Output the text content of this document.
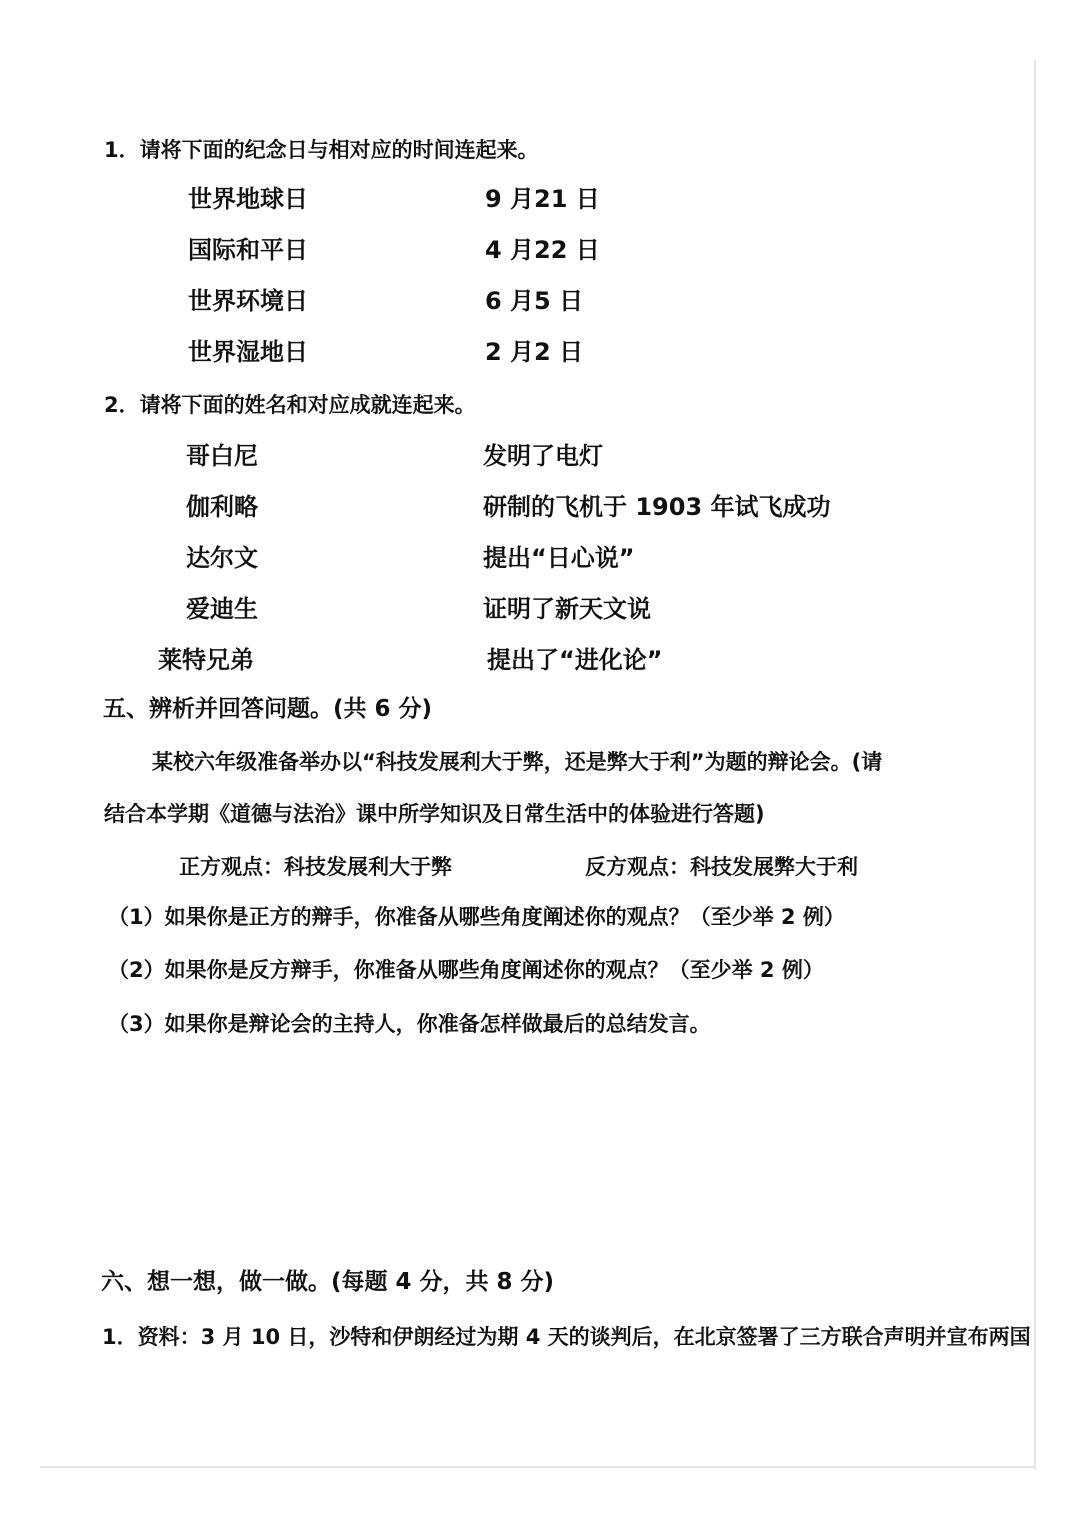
1．请将下面的纪念日与相对应的时间连起来。
世界地球日	9 月21 日
国际和平日	4 月22 日
世界环境日	6 月5 日
世界湿地日	2 月2 日
2．请将下面的姓名和对应成就连起来。
哥白尼	发明了电灯
伽利略	研制的飞机于 1903 年试飞成功
达尔文	提出“日心说”
爱迪生	证明了新天文说
莱特兄弟	提出了“进化论”
五、辨析并回答问题。(共 6 分)
某校六年级准备举办以“科技发展利大于弊，还是弊大于利”为题的辩论会。(请
结合本学期《道德与法治》课中所学知识及日常生活中的体验进行答题)
正方观点：科技发展利大于弊	反方观点：科技发展弊大于利
（1）如果你是正方的辩手，你准备从哪些角度阐述你的观点？（至少举 2 例）
（2）如果你是反方辩手，你准备从哪些角度阐述你的观点？（至少举 2 例）
（3）如果你是辩论会的主持人，你准备怎样做最后的总结发言。
六、想一想，做一做。(每题 4 分，共 8 分)
1．资料：3 月 10 日，沙特和伊朗经过为期 4 天的谈判后，在北京签署了三方联合声明并宣布两国
